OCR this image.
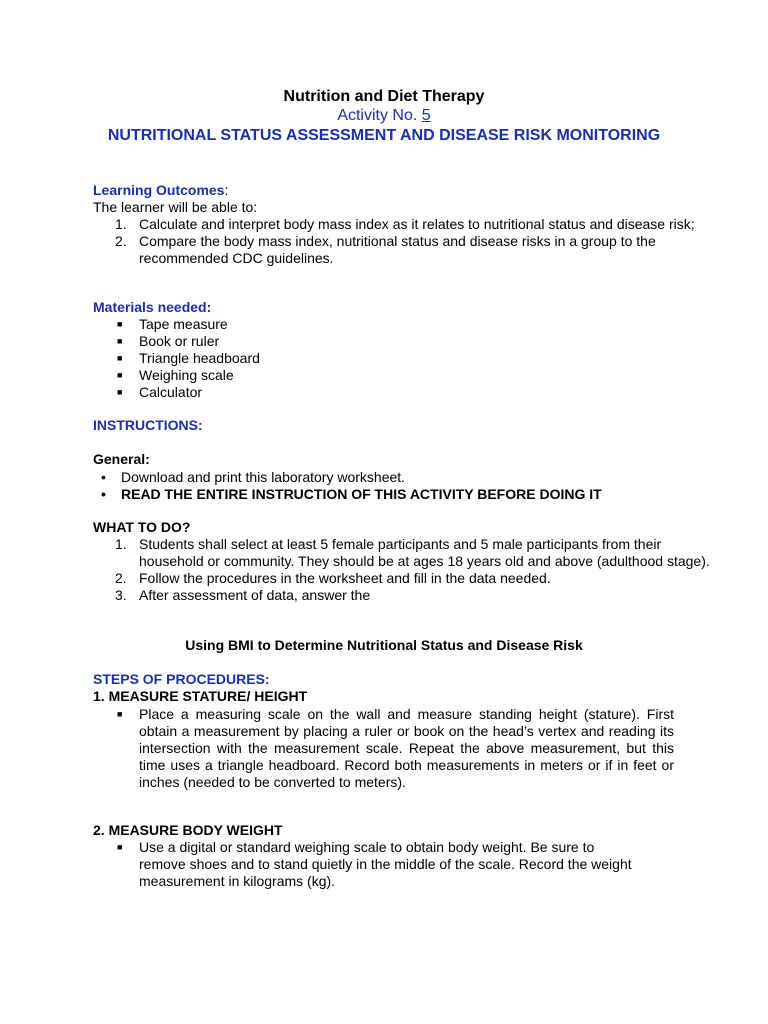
Nutrition and Diet Therapy
Activity No. 5
NUTRITIONAL STATUS ASSESSMENT AND DISEASE RISK MONITORING
Learning Outcomes:
The learner will be able to:
1. Calculate and interpret body mass index as it relates to nutritional status and disease risk;
2. Compare the body mass index, nutritional status and disease risks in a group to the recommended CDC guidelines.
Materials needed:
■ Tape measure
■ Book or ruler
■ Triangle headboard
■ Weighing scale
■ Calculator
INSTRUCTIONS:
General:
• Download and print this laboratory worksheet.
• READ THE ENTIRE INSTRUCTION OF THIS ACTIVITY BEFORE DOING IT
WHAT TO DO?
1. Students shall select at least 5 female participants and 5 male participants from their household or community. They should be at ages 18 years old and above (adulthood stage).
2. Follow the procedures in the worksheet and fill in the data needed.
3. After assessment of data, answer the
Using BMI to Determine Nutritional Status and Disease Risk
STEPS OF PROCEDURES:
1. MEASURE STATURE/ HEIGHT
■ Place a measuring scale on the wall and measure standing height (stature). First obtain a measurement by placing a ruler or book on the head’s vertex and reading its intersection with the measurement scale. Repeat the above measurement, but this time uses a triangle headboard. Record both measurements in meters or if in feet or inches (needed to be converted to meters).
2. MEASURE BODY WEIGHT
■ Use a digital or standard weighing scale to obtain body weight. Be sure to remove shoes and to stand quietly in the middle of the scale. Record the weight measurement in kilograms (kg).
